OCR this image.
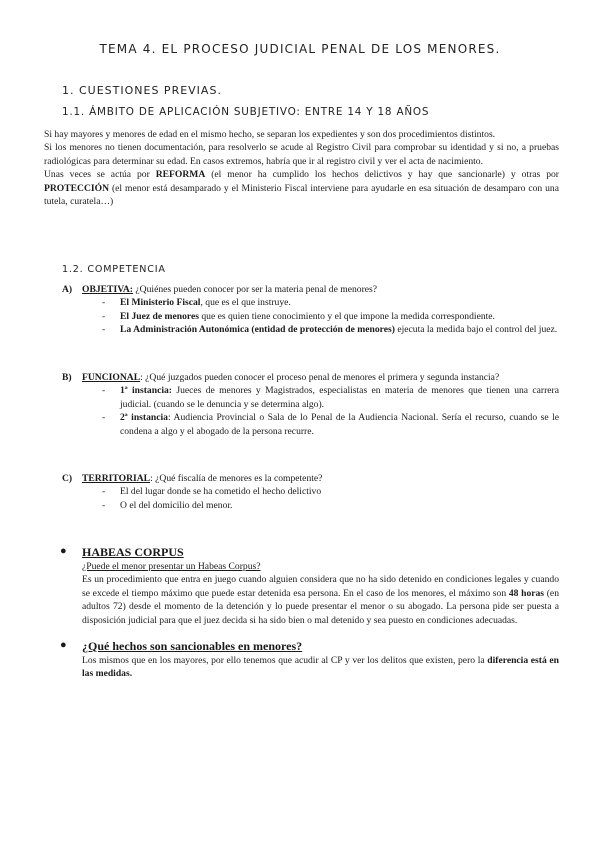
TEMA 4. EL PROCESO JUDICIAL PENAL DE LOS MENORES.
1. CUESTIONES PREVIAS.
1.1. ÁMBITO DE APLICACIÓN SUBJETIVO: ENTRE 14 Y 18 AÑOS

Si hay mayores y menores de edad en el mismo hecho, se separan los expedientes y son dos procedimientos distintos.

Si los menores no tienen documentación, para resolverlo se acude al Registro Civil para comprobar su identidad y si no, a pruebas radiológicas para determinar su edad. En casos extremos, habría que ir al registro civil y ver el acta de nacimiento.

Unas veces se actúa por REFORMA (el menor ha cumplido los hechos delictivos y hay que sancionarle) y otras por PROTECCIÓN (el menor está desamparado y el Ministerio Fiscal interviene para ayudarle en esa situación de desamparo con una tutela, curatela…)

1.2. COMPETENCIA
A)	OBJETIVA: ¿Quiénes pueden conocer por ser la materia penal de menores?
- El Ministerio Fiscal, que es el que instruye.
- El Juez de menores que es quien tiene conocimiento y el que impone la medida correspondiente.
- La Administración Autonómica (entidad de protección de menores) ejecuta la medida bajo el control del juez.
B)	FUNCIONAL: ¿Qué juzgados pueden conocer el proceso penal de menores el primera y segunda instancia?
- 1ª instancia: Jueces de menores y Magistrados, especialistas en materia de menores que tienen una carrera judicial. (cuando se le denuncia y se determina algo).
- 2ª instancia: Audiencia Provincial o Sala de lo Penal de la Audiencia Nacional. Sería el recurso, cuando se le condena a algo y el abogado de la persona recurre.
C)	TERRITORIAL: ¿Qué fiscalía de menores es la competente?
- El del lugar donde se ha cometido el hecho delictivo
- O el del domicilio del menor.
● HABEAS CORPUS
¿Puede el menor presentar un Habeas Corpus?
Es un procedimiento que entra en juego cuando alguien considera que no ha sido detenido en condiciones legales y cuando se excede el tiempo máximo que puede estar detenida esa persona. En el caso de los menores, el máximo son 48 horas (en adultos 72) desde el momento de la detención y lo puede presentar el menor o su abogado. La persona pide ser puesta a disposición judicial para que el juez decida si ha sido bien o mal detenido y sea puesto en condiciones adecuadas.
● ¿Qué hechos son sancionables en menores?
Los mismos que en los mayores, por ello tenemos que acudir al CP y ver los delitos que existen, pero la diferencia está en las medidas.
